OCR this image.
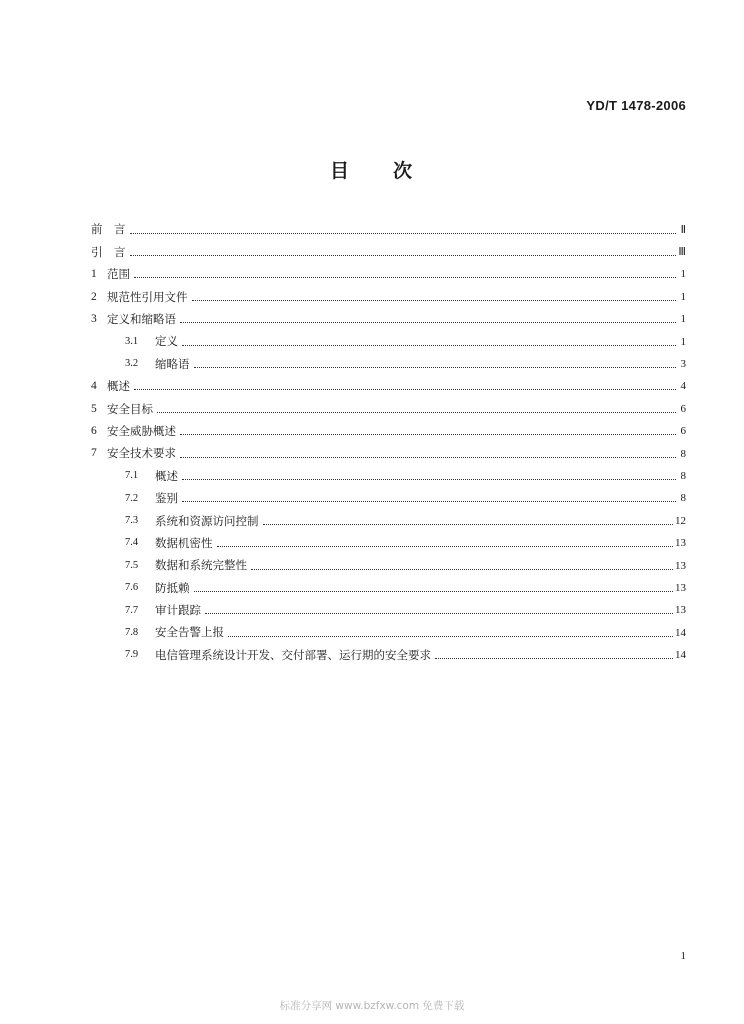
YD/T 1478-2006
目　　次
前　言	Ⅱ
引　言	Ⅲ
1 范围	1
2 规范性引用文件	1
3 定义和缩略语	1
3.1	定义	1
3.2	缩略语	3
4 概述	4
5 安全目标	6
6 安全威胁概述	6
7 安全技术要求	8
7.1	概述	8
7.2	鉴别	8
7.3	系统和资源访问控制	12
7.4	数据机密性	13
7.5	数据和系统完整性	13
7.6	防抵赖	13
7.7	审计跟踪	13
7.8	安全告警上报	14
7.9	电信管理系统设计开发、交付部署、运行期的安全要求	14
1
标准分享网 www.bzfxw.com 免费下载
